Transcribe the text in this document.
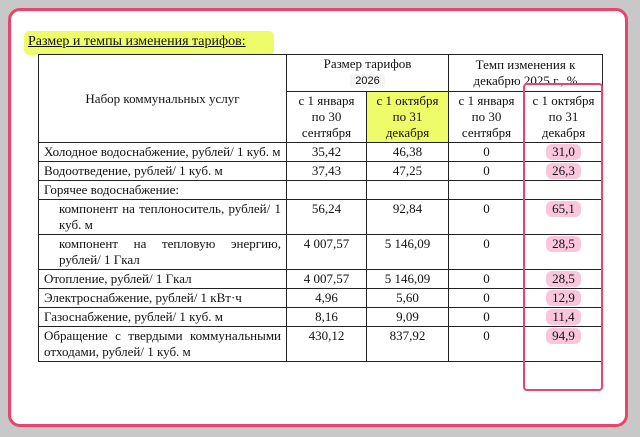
Размер и темпы изменения тарифов:
Набор коммунальных услуг	Размер тарифов
2026		Темп изменения к декабрю 2025 г., %	
	с 1 января по 30 сентября	с 1 октября по 31 декабря	с 1 января по 30 сентября	с 1 октября по 31 декабря
Холодное водоснабжение, рублей/ 1 куб. м	35,42	46,38	0	31,0
Водоотведение, рублей/ 1 куб. м	37,43	47,25	0	26,3
Горячее водоснабжение:				
компонент на теплоноситель, рублей/ 1 куб. м	56,24	92,84	0	65,1
компонент на тепловую энергию, рублей/ 1 Гкал	4 007,57	5 146,09	0	28,5
Отопление, рублей/ 1 Гкал	4 007,57	5 146,09	0	28,5
Электроснабжение, рублей/ 1 кВт·ч	4,96	5,60	0	12,9
Газоснабжение, рублей/ 1 куб. м	8,16	9,09	0	11,4
Обращение с твердыми коммунальными отходами, рублей/ 1 куб. м	430,12	837,92	0	94,9
